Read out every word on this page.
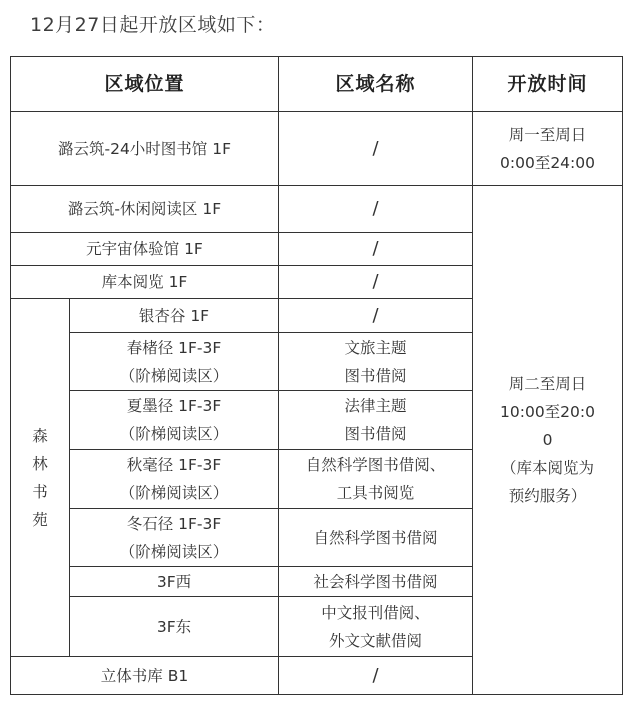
12月27日起开放区域如下：
区域位置		区域名称	开放时间

潞云筑-24小时图书馆 1F		/	周一至周日
0:00至24:00

潞云筑-休闲阅读区 1F		/	周二至周日
10:00至20:0
0
（库本阅览为
预约服务）

元宇宙体验馆 1F		/	

库本阅览 1F		/	

森
林
书
苑	银杏谷 1F	/	

	春楮径 1F-3F
（阶梯阅读区）	文旅主题
图书借阅	

	夏墨径 1F-3F
（阶梯阅读区）	法律主题
图书借阅	

	秋毫径 1F-3F
（阶梯阅读区）	自然科学图书借阅、
工具书阅览	

	冬石径 1F-3F
（阶梯阅读区）	自然科学图书借阅	

	3F西	社会科学图书借阅	

	3F东	中文报刊借阅、
外文文献借阅	

立体书库 B1		/	
